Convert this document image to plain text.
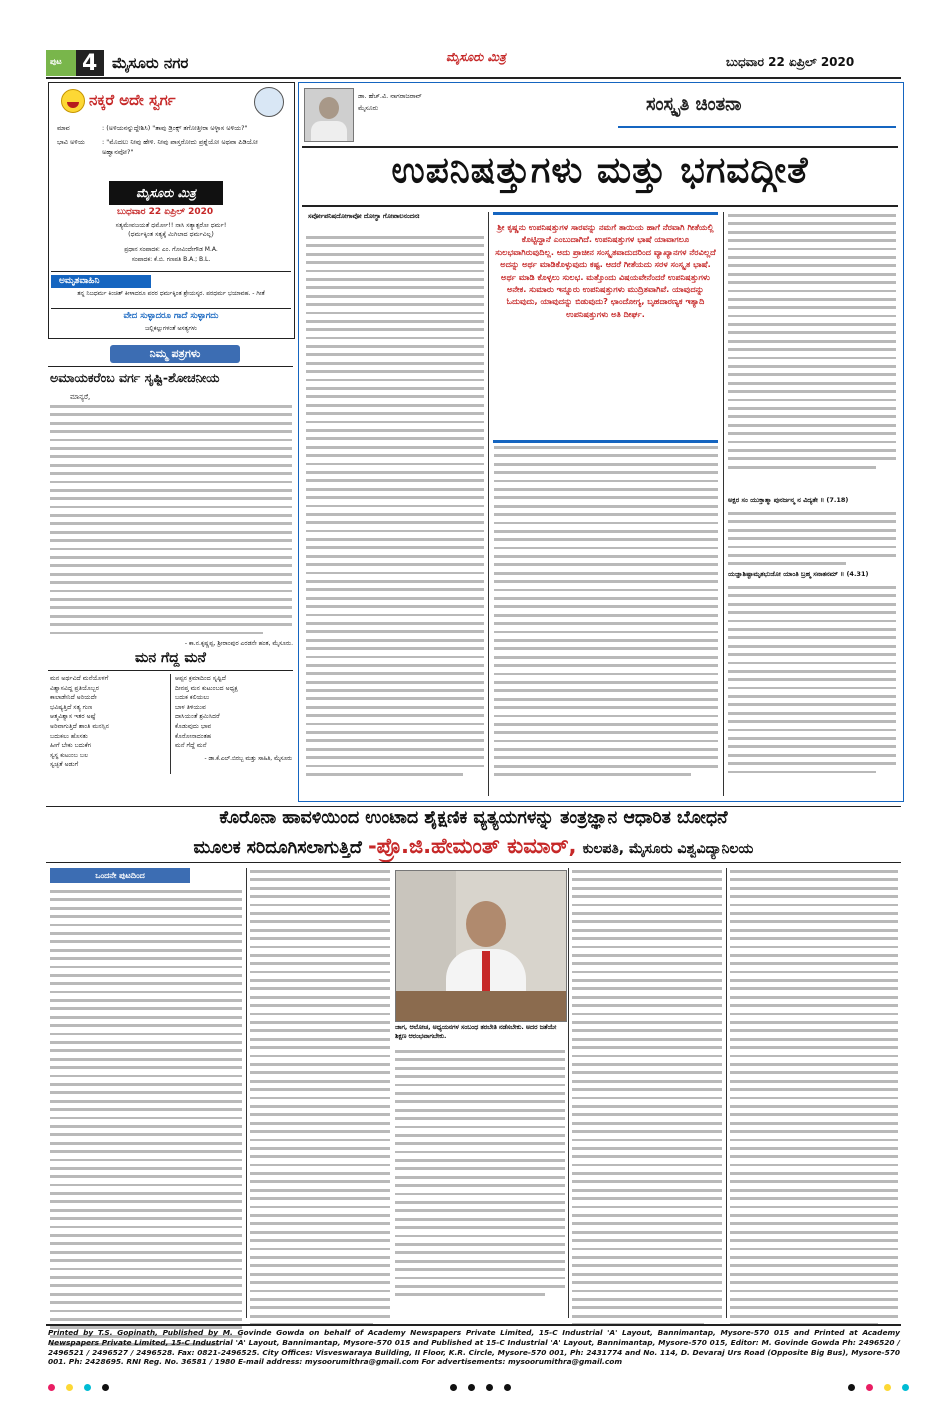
ಪುಟ 4 ಮೈಸೂರು ನಗರ	ಮೈಸೂರು ಮಿತ್ರ	ಬುಧವಾರ 22 ಏಪ್ರಿಲ್ 2020
ನಕ್ಕರೆ ಅದೇ ಸ್ವರ್ಗ
ಮಾವ	: (ಅಳಿಯನನ್ನುದ್ದೇಶಿಸಿ) "ತಾವು ಡ್ರಿಂಕ್ಸ್ ತಗೋತ್ತೀರಾ ಅಳ್ಳಾಸ ಅಳಿಯ?"
ಭಾವಿ ಅಳಿಯ	: "ಮೊದಲು ನೀವು ಹೇಳಿ. ನೀವು ಪಾಸ್ತರೋದು ಪ್ರಶ್ನೆಯೋ ಅಥವಾ ಪಿಡಿಯೋ ಅಹ್ವಾನವೋ?"
ಮೈಸೂರು ಮಿತ್ರ
ಬುಧವಾರ 22 ಏಪ್ರಿಲ್ 2020
ಸತ್ಯಮೇವಜಯತೆ ಧರ್ಮೋ!! ನಾಸಿ ಸತ್ಯಾತ್ಪರೋ ಧರ್ಮ!
(ಧರ್ಮಕ್ಕಿಂತ ಸತ್ಯಕ್ಕೆ ಮಿಗಿಲಾದ ಧರ್ಮವಿಲ್ಲ)
ಪ್ರಧಾನ ಸಂಪಾದಕ: ಎಂ. ಗೋವಿಂದೇಗೌಡ M.A.
ಸಂಪಾದಕ: ಕೆ.ಬಿ. ಗಣಪತಿ B.A.; B.L.
ಅಮೃತವಾಹಿನಿ
ತನ್ನ ನಿಜಧರ್ಮ ಕಿಂಚಿತ್ ಕೀಳಾದರೂ ಪರರ ಧರ್ಮಕ್ಕಿಂತ ಶ್ರೇಯಸ್ಕರ. ಪರಧರ್ಮ ಭಯಾವಹ. - ಗೀತೆ
ವೇದ ಸುಳ್ಳಾದರೂ ಗಾದೆ ಸುಳ್ಳಾಗದು
ಜಲ್ಲಿಕಲ್ಲುಗಳಂತೆ ಅಸತ್ಯಗಳು
ನಿಮ್ಮ ಪತ್ರಗಳು
ಅಮಾಯಕರೆಂಬ ವರ್ಗ ಸೃಷ್ಟಿ-ಶೋಚನೀಯ
ಮಾನ್ಯರೆ,
- ಕಾ.ನ.ಕೃಷ್ಣಪ್ಪ, ಶ್ರೀರಾಂಪುರ ಎರಡನೇ ಹಂತ, ಮೈಸೂರು.
ಮನ ಗೆದ್ದ ಮನೆ
ಮನ ಅರ್ಥವಿದೆ ಮನೆಯೊಳಗೆ
ವಿಶ್ವಾಸವಿದ್ದ ಪ್ರತಿಯೊಬ್ಬರ
ಕಾಲಾಡೇನಿದೆ ಅರಿಯದೇ
ಭವಿಷ್ಯತ್ತಿದೆ ಸತ್ಯ ಗುಣ
ಆತ್ಮವಿಶ್ವಾಸ ಇತರ ಅಷ್ಟೆ
ಅರಿವಾಗುತ್ತಿದೆ ಶಾಂತಿ ಮನಸ್ಸಿನ
ಬದುಕಲು ಹೊಸತು
ಹೀಗೆ ಬೇಕು ಬದುಕೆಗ
ಸ್ವಸ್ಥ ಕುಟುಂಬ ಬಲ
ಸ್ವಚ್ಛತೆ ಅಡುಗೆ
ಆಪ್ಪನ ಕ್ರಮಾದಿಂದ ಸೃಷ್ಟಿದೆ
ದೀನಪ್ತ ಮನ ಕುಟುಂಬದ ಅಧ್ಯಕ್ಷ
ಬದುಕ ಕಲಿಯಲು
ಬಾಳ ತಿಳಿಯುವ
ದಾಸಿಯಂತೆ ಶ್ರಮಿಸಿದರೆ
ಕೊಡುವುದು ಭಾವ
ಕೊರೋನಾದಂತಹ
ಮನೆ ಗೆದ್ದೆ ಮನೆ
- ಡಾ.ಕೆ.ಎಲ್.ಬಿರಬ್ಬ ಮತ್ತು ಸಾಹಿತಿ, ಮೈಸೂರು
ಡಾ. ಹೆಚ್.ವಿ. ನಾಗರಾಜರಾವ್
ಮೈಸೂರು	ಸಂಸ್ಕೃತಿ ಚಿಂತನಾ
ಉಪನಿಷತ್ತುಗಳು ಮತ್ತು ಭಗವದ್ಗೀತೆ
ಸರ್ವೋಪನಿಷದೋಗಾವೋ ದೋಗ್ಧಾ ಗೋಪಾಲನಂದನಃ
ಶ್ರೀ ಕೃಷ್ಣನು ಉಪನಿಷತ್ತುಗಳ ಸಾರವನ್ನು ನಮಗೆ ತಾಯಿಯ ಹಾಗೆ ನೆರವಾಗಿ ಗೀತೆಯಲ್ಲಿ ಕೊಟ್ಟಿದ್ದಾನೆ ಎಂಬುದಾಗಿದೆ. ಉಪನಿಷತ್ತುಗಳ ಭಾಷೆ ಯಾವಾಗಲೂ ಸುಲಭವಾಗಿರುವುದಿಲ್ಲ. ಅದು ಪ್ರಾಚೀನ ಸಂಸ್ಕೃತವಾದುದರಿಂದ ವ್ಯಾಖ್ಯಾನಗಳ ನೆರವಿಲ್ಲದೆ ಅದನ್ನು ಅರ್ಥ ಮಾಡಿಕೊಳ್ಳುವುದು ಕಷ್ಟ. ಆದರೆ ಗೀತೆಯದು ಸರಳ ಸಂಸ್ಕೃತ ಭಾಷೆ. ಅರ್ಥ ಮಾಡಿ ಕೊಳ್ಳಲು ಸುಲಭ. ಮತ್ತೊಂದು ವಿಷಯವೇನೆಂದರೆ ಉಪನಿಷತ್ತುಗಳು ಅನೇಕ. ಸುಮಾರು ಇನ್ನೂರು ಉಪನಿಷತ್ತುಗಳು ಮುದ್ರಿತವಾಗಿವೆ. ಯಾವುದನ್ನು ಓದುವುದು, ಯಾವುದನ್ನು ಬಿಡುವುದು? ಛಾಂದೋಗ್ಯ, ಬೃಹದಾರಣ್ಯಕ ಇತ್ಯಾದಿ ಉಪನಿಷತ್ತುಗಳು ಅತಿ ದೀರ್ಘ.
ಅಕ್ಷರ ಸಂ ಯುಕ್ತಾತ್ಮಾ ಪುನರ್ಜನ್ಮ ನ ವಿದ್ಯತೇ ॥ (7.18)
ಯಜ್ಞಾಶಿಷ್ಟಾಮೃತಭುಜೋ ಯಾಂತಿ ಬ್ರಹ್ಮ ಸನಾತನಮ್ ॥ (4.31)
ಕೊರೊನಾ ಹಾವಳಿಯಿಂದ ಉಂಟಾದ ಶೈಕ್ಷಣಿಕ ವ್ಯತ್ಯಯಗಳನ್ನು ತಂತ್ರಜ್ಞಾನ ಆಧಾರಿತ ಬೋಧನೆ
ಮೂಲಕ ಸರಿದೂಗಿಸಲಾಗುತ್ತಿದೆ -ಪ್ರೊ.ಜಿ.ಹೇಮಂತ್ ಕುಮಾರ್, ಕುಲಪತಿ, ಮೈಸೂರು ವಿಶ್ವವಿದ್ಯಾನಿಲಯ
ಒಂದನೇ ಪುಟದಿಂದ
ಜಾಗ, ಆಲೋಚ, ಅಧ್ಯಯನಗಳ ಸಂಬಂಧ ತರಬೇತಿ ನಡೆಸಬೇಕು. ಅದರ ಜತೆಯೇ ಶಿಕ್ಷಣ ಆರಂಭವಾಗಬೇಕು.
Printed by T.S. Gopinath, Published by M. Govinde Gowda on behalf of Academy Newspapers Private Limited, 15-C Industrial 'A' Layout, Bannimantap, Mysore-570 015 and Printed at Academy Newspapers Private Limited, 15-C Industrial 'A' Layout, Bannimantap, Mysore-570 015 and Published at 15-C Industrial 'A' Layout, Bannimantap, Mysore-570 015, Editor: M. Govinde Gowda Ph: 2496520 / 2496521 / 2496527 / 2496528. Fax: 0821-2496525. City Offices: Visveswaraya Building, II Floor, K.R. Circle, Mysore-570 001, Ph: 2431774 and No. 114, D. Devaraj Urs Road (Opposite Big Bus), Mysore-570 001. Ph: 2428695. RNI Reg. No. 36581 / 1980 E-mail address: mysoorumithra@gmail.com For advertisements: mysoorumithra@gmail.com
